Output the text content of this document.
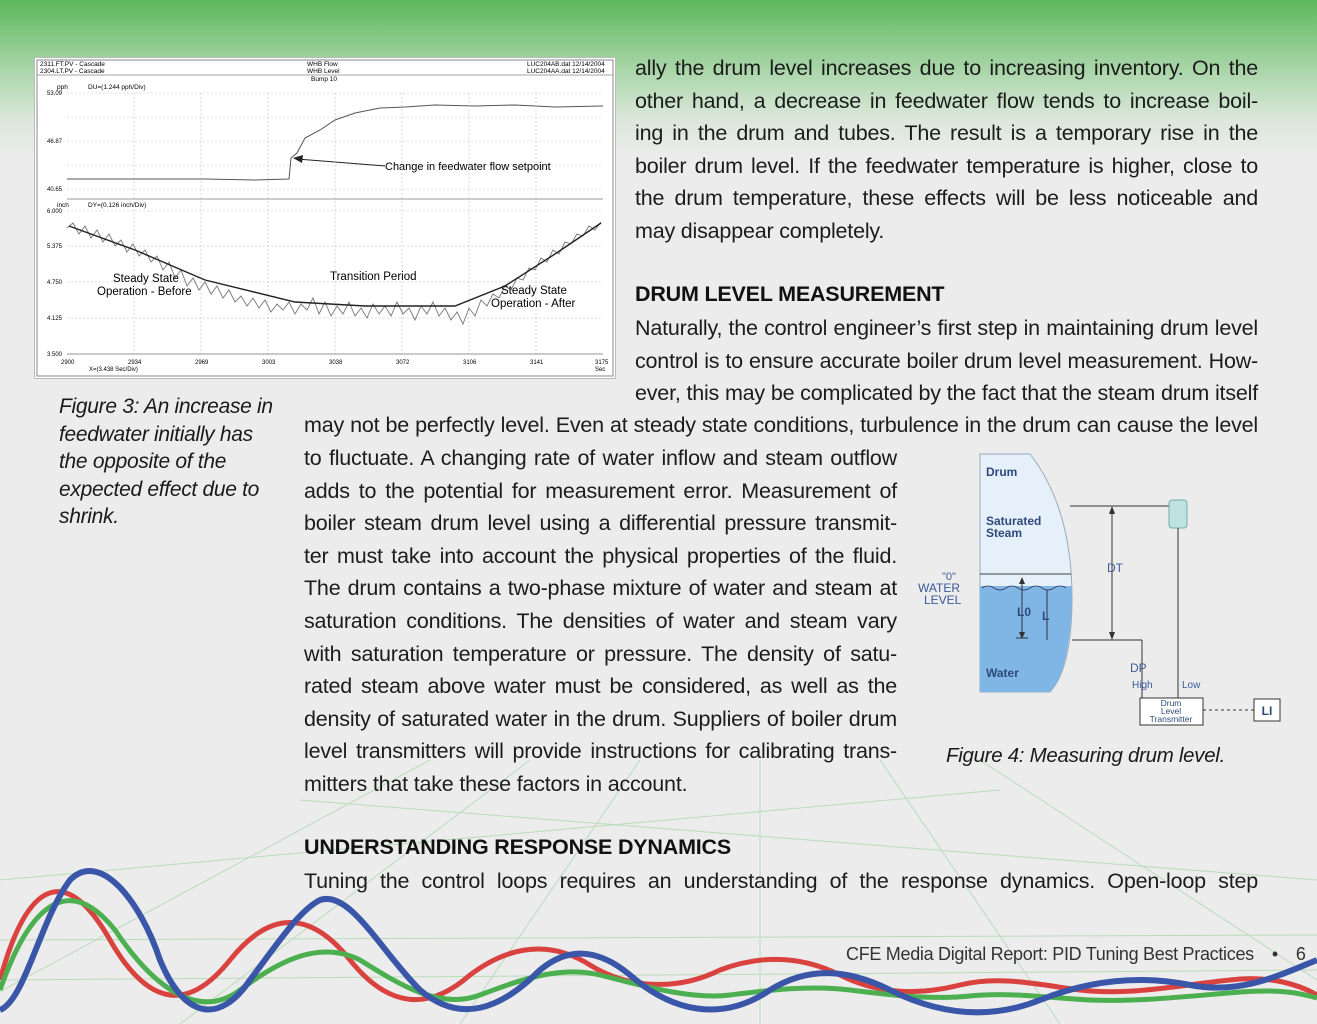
2311.FT.PV - Cascade
2304.LT.PV - Cascade
WHB Flow
WHB Level
Bump 10
LUC204AB.dat 12/14/2004
LUC204AA.dat 12/14/2004
pph	DU=(1.244 pph/Div)
53.09
46.87
40.65
Change in feedwater flow setpoint
inch	DY=(0.126 inch/Div)
6.000
5.375
4.750
4.125
3.500
Steady State
Operation - Before
Transition Period
Steady State
Operation - After
2900	2934	2969	3003	3038	3072	3106	3141	3175
Sec
X=(3.438 Sec/Div)
Figure 3: An increase in feedwater initially has the opposite of the expected effect due to shrink.
ally the drum level increases due to increasing inventory. On the
other hand, a decrease in feedwater flow tends to increase boil-
ing in the drum and tubes. The result is a temporary rise in the
boiler drum level. If the feedwater temperature is higher, close to
the drum temperature, these effects will be less noticeable and
may disappear completely.
DRUM LEVEL MEASUREMENT
Naturally, the control engineer’s first step in maintaining drum level
control is to ensure accurate boiler drum level measurement. How-
ever, this may be complicated by the fact that the steam drum itself
may not be perfectly level. Even at steady state conditions, turbulence in the drum can cause the level
to fluctuate. A changing rate of water inflow and steam outflow
adds to the potential for measurement error. Measurement of
boiler steam drum level using a differential pressure transmit-
ter must take into account the physical properties of the fluid.
The drum contains a two-phase mixture of water and steam at
saturation conditions. The densities of water and steam vary
with saturation temperature or pressure. The density of satu-
rated steam above water must be considered, as well as the
density of saturated water in the drum. Suppliers of boiler drum
level transmitters will provide instructions for calibrating trans-
mitters that take these factors in account.
Drum
Saturated
Steam
Water
"0"
WATER
LEVEL
L0 L
DT
DP
High	Low
Drum
Level
Transmitter
LI
Figure 4: Measuring drum level.
UNDERSTANDING RESPONSE DYNAMICS
Tuning the control loops requires an understanding of the response dynamics. Open-loop step
CFE Media Digital Report: PID Tuning Best Practices • 6
